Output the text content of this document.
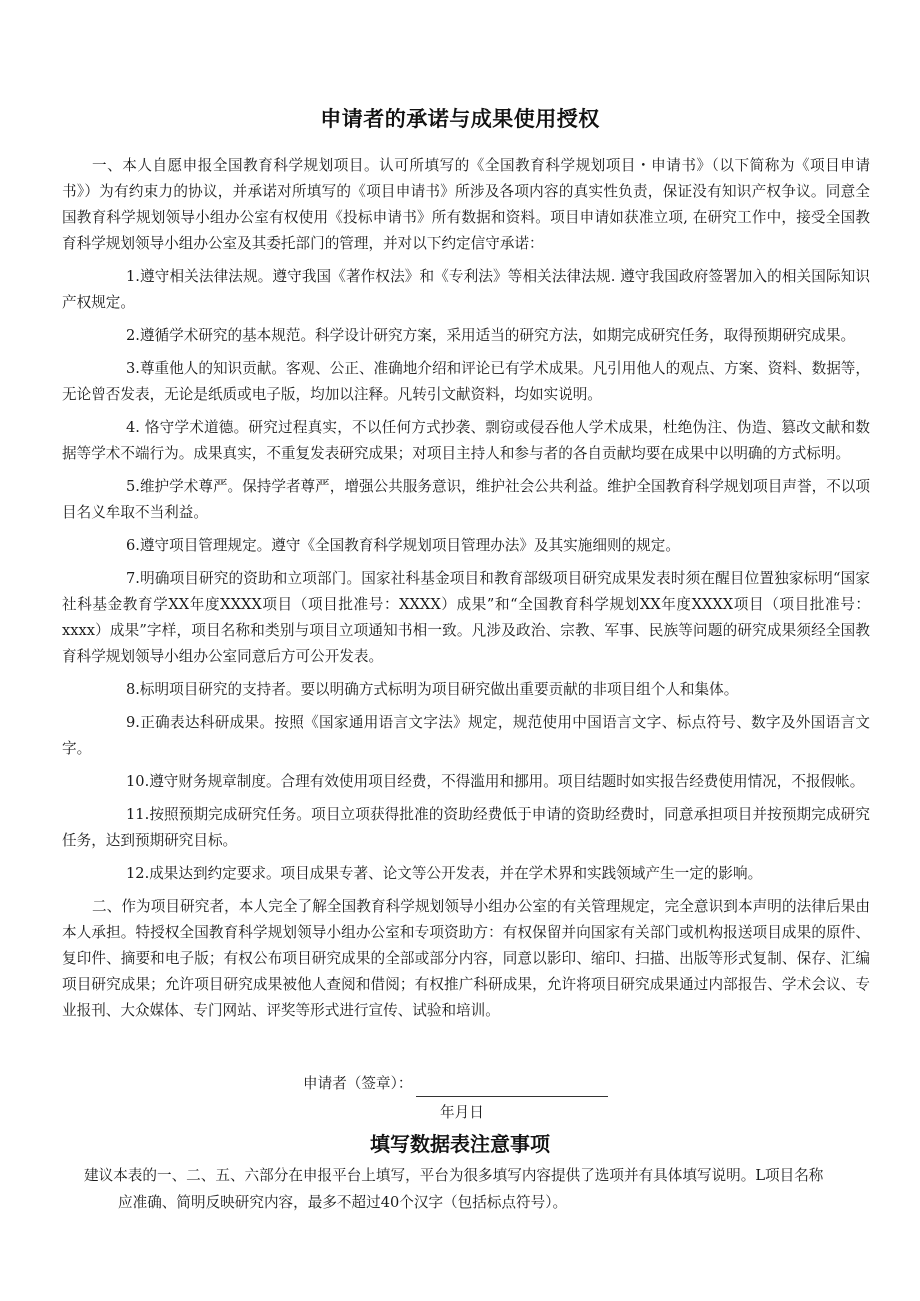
申请者的承诺与成果使用授权

一、本人自愿申报全国教育科学规划项目。认可所填写的《全国教育科学规划项目・申请书》（以下简称为《项目申请书》）为有约束力的协议，并承诺对所填写的《项目申请书》所涉及各项内容的真实性负责，保证没有知识产权争议。同意全国教育科学规划领导小组办公室有权使用《投标申请书》所有数据和资料。项目申请如获准立项, 在研究工作中，接受全国教育科学规划领导小组办公室及其委托部门的管理，并对以下约定信守承诺：

1.遵守相关法律法规。遵守我国《著作权法》和《专利法》等相关法律法规. 遵守我国政府签署加入的相关国际知识产权规定。

2.遵循学术研究的基本规范。科学设计研究方案，采用适当的研究方法，如期完成研究任务，取得预期研究成果。

3.尊重他人的知识贡献。客观、公正、准确地介绍和评论已有学术成果。凡引用他人的观点、方案、资料、数据等，无论曾否发表，无论是纸质或电子版，均加以注释。凡转引文献资料，均如实说明。

4. 恪守学术道德。研究过程真实，不以任何方式抄袭、剽窃或侵吞他人学术成果，杜绝伪注、伪造、篡改文献和数据等学术不端行为。成果真实，不重复发表研究成果；对项目主持人和参与者的各自贡献均要在成果中以明确的方式标明。

5.维护学术尊严。保持学者尊严，增强公共服务意识，维护社会公共利益。维护全国教育科学规划项目声誉，不以项目名义牟取不当利益。

6.遵守项目管理规定。遵守《全国教育科学规划项目管理办法》及其实施细则的规定。

7.明确项目研究的资助和立项部门。国家社科基金项目和教育部级项目研究成果发表时须在醒目位置独家标明“国家社科基金教育学XX年度XXXX项目（项目批准号：XXXX）成果”和“全国教育科学规划XX年度XXXX项目（项目批准号：xxxx）成果”字样，项目名称和类别与项目立项通知书相一致。凡涉及政治、宗教、军事、民族等问题的研究成果须经全国教育科学规划领导小组办公室同意后方可公开发表。

8.标明项目研究的支持者。要以明确方式标明为项目研究做出重要贡献的非项目组个人和集体。

9.正确表达科研成果。按照《国家通用语言文字法》规定，规范使用中国语言文字、标点符号、数字及外国语言文字。

10.遵守财务规章制度。合理有效使用项目经费，不得滥用和挪用。项目结题时如实报告经费使用情况，不报假帐。

11.按照预期完成研究任务。项目立项获得批准的资助经费低于申请的资助经费时，同意承担项目并按预期完成研究任务，达到预期研究目标。

12.成果达到约定要求。项目成果专著、论文等公开发表，并在学术界和实践领域产生一定的影响。

二、作为项目研究者，本人完全了解全国教育科学规划领导小组办公室的有关管理规定，完全意识到本声明的法律后果由本人承担。特授权全国教育科学规划领导小组办公室和专项资助方：有权保留并向国家有关部门或机构报送项目成果的原件、复印件、摘要和电子版；有权公布项目研究成果的全部或部分内容，同意以影印、缩印、扫描、出版等形式复制、保存、汇编项目研究成果；允许项目研究成果被他人查阅和借阅；有权推广科研成果，允许将项目研究成果通过内部报告、学术会议、专业报刊、大众媒体、专门网站、评奖等形式进行宣传、试验和培训。

申请者（签章）：
年月日
填写数据表注意事项

建议本表的一、二、五、六部分在申报平台上填写，平台为很多填写内容提供了选项并有具体填写说明。L项目名称

应准确、简明反映研究内容，最多不超过40个汉字（包括标点符号）。
